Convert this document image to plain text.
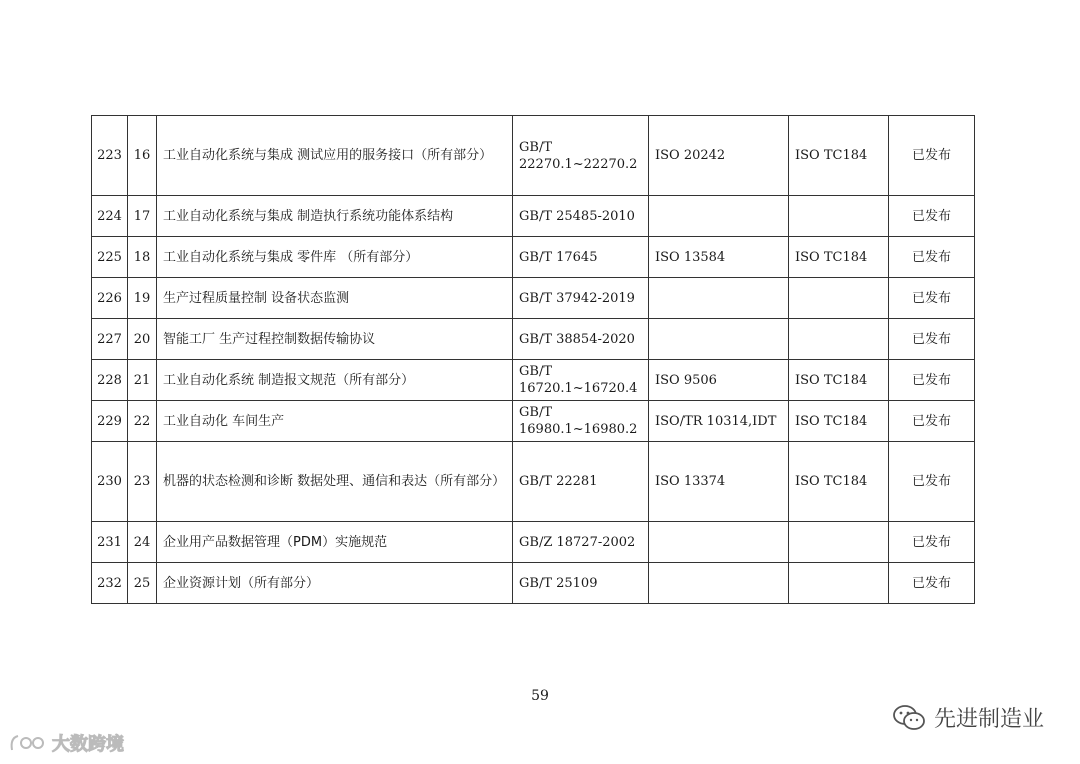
223	16	工业自动化系统与集成 测试应用的服务接口（所有部分）	GB/T
22270.1~22270.2	ISO 20242	ISO TC184	已发布
224	17	工业自动化系统与集成 制造执行系统功能体系结构	GB/T 25485-2010			已发布
225	18	工业自动化系统与集成 零件库 （所有部分）	GB/T 17645	ISO 13584	ISO TC184	已发布
226	19	生产过程质量控制 设备状态监测	GB/T 37942-2019			已发布
227	20	智能工厂 生产过程控制数据传输协议	GB/T 38854-2020			已发布
228	21	工业自动化系统 制造报文规范（所有部分）	GB/T
16720.1~16720.4	ISO 9506	ISO TC184	已发布
229	22	工业自动化 车间生产	GB/T
16980.1~16980.2	ISO/TR 10314,IDT	ISO TC184	已发布
230	23	机器的状态检测和诊断 数据处理、通信和表达（所有部分）	GB/T 22281	ISO 13374	ISO TC184	已发布
231	24	企业用产品数据管理（PDM）实施规范	GB/Z 18727-2002			已发布
232	25	企业资源计划（所有部分）	GB/T 25109			已发布
59
先进制造业
大数跨境
